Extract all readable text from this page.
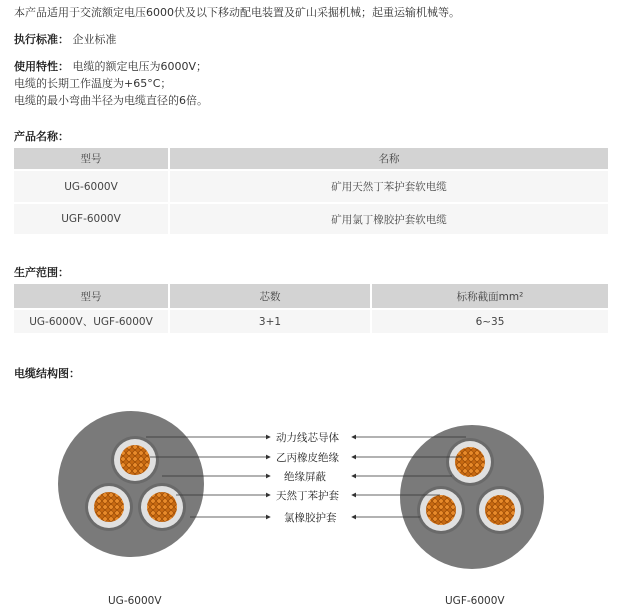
本产品适用于交流额定电压6000伏及以下移动配电装置及矿山采掘机械；起重运输机械等。
执行标准： 企业标准
使用特性： 电缆的额定电压为6000V；
电缆的长期工作温度为+65°C；
电缆的最小弯曲半径为电缆直径的6倍。
产品名称：
型号	名称
UG-6000V	矿用天然丁苯护套软电缆
UGF-6000V	矿用氯丁橡胶护套软电缆
生产范围：
型号	芯数	标称截面mm²
UG-6000V、UGF-6000V	3+1	6~35
电缆结构图：
动力线芯导体
乙丙橡皮绝缘
绝缘屏蔽
天然丁苯护套
氯橡胶护套
UG-6000V	UGF-6000V
